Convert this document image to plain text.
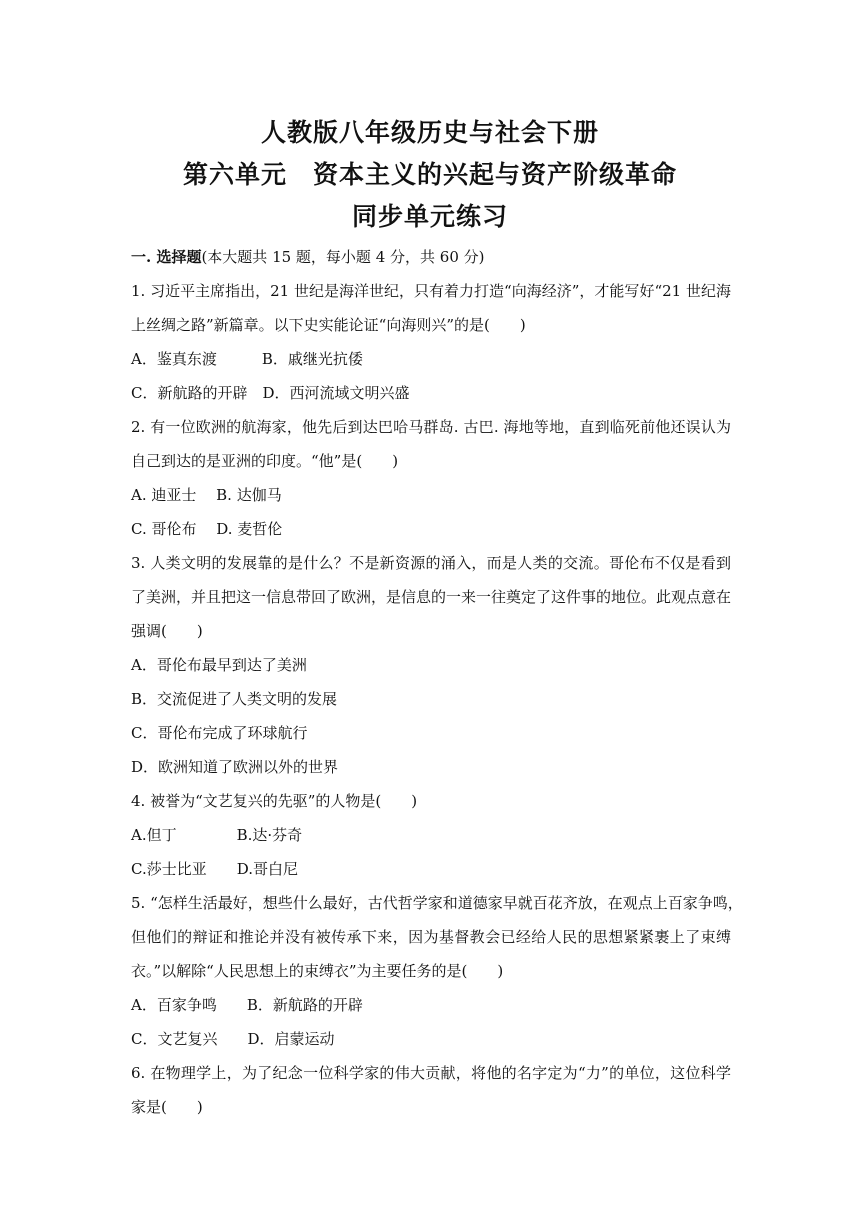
人教版八年级历史与社会下册
第六单元　资本主义的兴起与资产阶级革命
同步单元练习
一. 选择题(本大题共 15 题，每小题 4 分，共 60 分)
1. 习近平主席指出，21 世纪是海洋世纪，只有着力打造“向海经济”，才能写好“21 世纪海
上丝绸之路”新篇章。以下史实能论证“向海则兴”的是(　　)
A．鉴真东渡　　　B．戚继光抗倭
C．新航路的开辟　D．西河流域文明兴盛
2. 有一位欧洲的航海家，他先后到达巴哈马群岛. 古巴. 海地等地，直到临死前他还误认为
自己到达的是亚洲的印度。“他”是(　　)
A. 迪亚士　 B. 达伽马
C. 哥伦布　 D. 麦哲伦
3. 人类文明的发展靠的是什么？不是新资源的涌入，而是人类的交流。哥伦布不仅是看到
了美洲，并且把这一信息带回了欧洲，是信息的一来一往奠定了这件事的地位。此观点意在
强调(　　)
A．哥伦布最早到达了美洲
B．交流促进了人类文明的发展
C．哥伦布完成了环球航行
D．欧洲知道了欧洲以外的世界
4. 被誉为“文艺复兴的先驱”的人物是(　　)
A.但丁　　　　B.达·芬奇
C.莎士比亚　　D.哥白尼
5. “怎样生活最好，想些什么最好，古代哲学家和道德家早就百花齐放，在观点上百家争鸣，
但他们的辩证和推论并没有被传承下来，因为基督教会已经给人民的思想紧紧裹上了束缚
衣。”以解除“人民思想上的束缚衣”为主要任务的是(　　)
A．百家争鸣　　B．新航路的开辟
C．文艺复兴　　D．启蒙运动
6. 在物理学上，为了纪念一位科学家的伟大贡献，将他的名字定为“力”的单位，这位科学
家是(　　)
